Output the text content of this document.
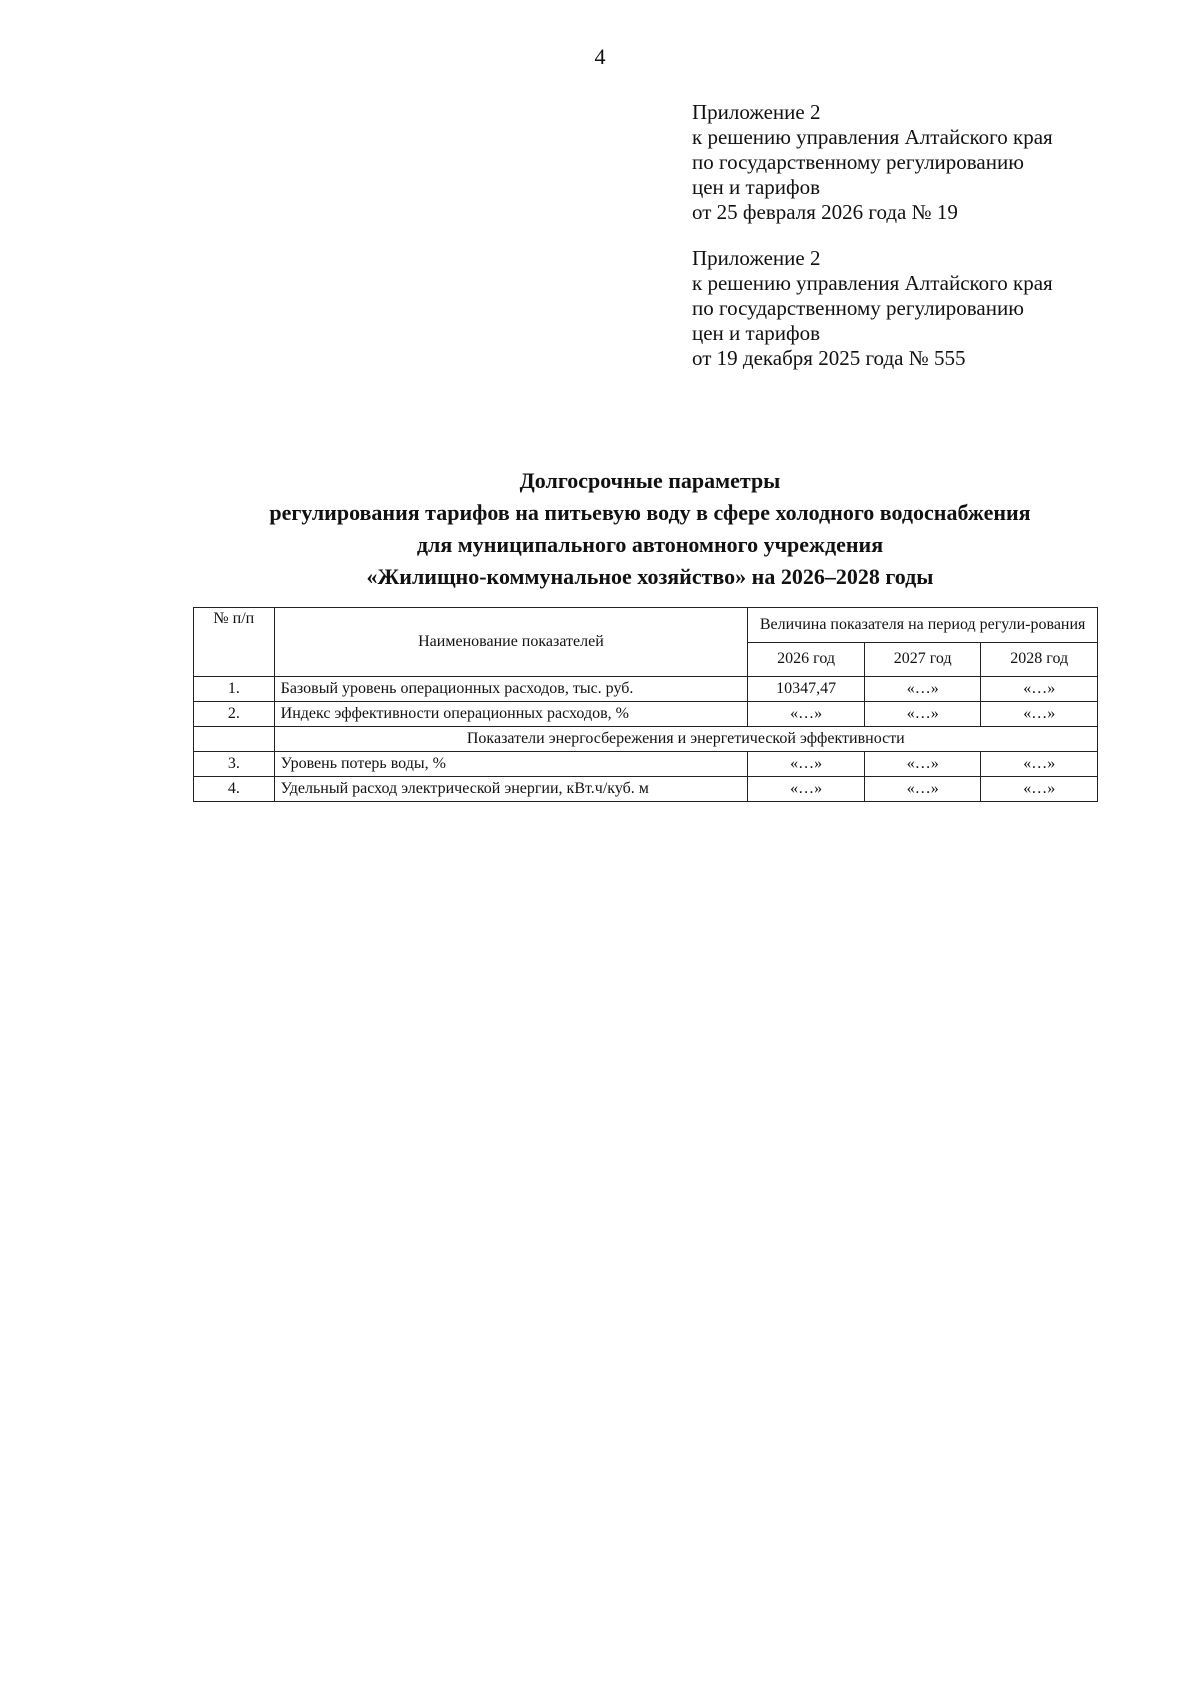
4
Приложение 2
к решению управления Алтайского края
по государственному регулированию
цен и тарифов
от 25 февраля 2026 года № 19
Приложение 2
к решению управления Алтайского края
по государственному регулированию
цен и тарифов
от 19 декабря 2025 года № 555
Долгосрочные параметры
регулирования тарифов на питьевую воду в сфере холодного водоснабжения
для муниципального автономного учреждения
«Жилищно-коммунальное хозяйство» на 2026–2028 годы
№ п/п	Наименование показателей	Величина показателя на период регули-рования		
		2026 год	2027 год	2028 год
1.	Базовый уровень операционных расходов, тыс. руб.	10347,47	«…»	«…»
2.	Индекс эффективности операционных расходов, %	«…»	«…»	«…»
	Показатели энергосбережения и энергетической эффективности			
3.	Уровень потерь воды, %	«…»	«…»	«…»
4.	Удельный расход электрической энергии, кВт.ч/куб. м	«…»	«…»	«…»
